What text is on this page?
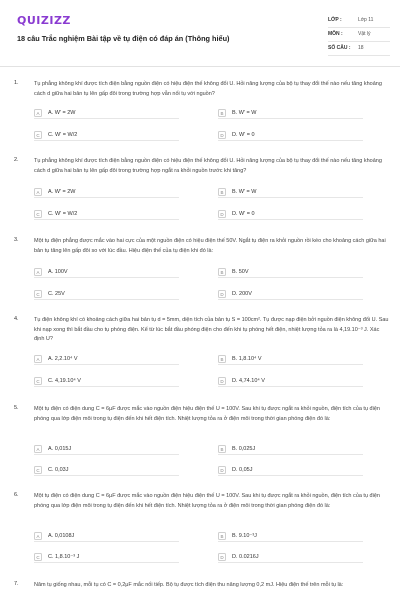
QUIZIZZ
18 câu Trắc nghiệm Bài tập về tụ điện có đáp án (Thông hiểu)
LỚP :	Lớp 11
MÔN :	Vật lý
SỐ CÂU :	18
1.	Tụ phẳng không khí được tích điện bằng nguồn điện có hiệu điện thế không đổi U. Hỏi năng lượng của bộ tụ thay đổi thế nào nếu tăng khoảng cách d giữa hai bản tụ lên gấp đôi trong trường hợp vẫn nối tụ với nguồn?
A	A. W' = 2W	B	B. W' = W
C	C. W' = W/2	D	D. W' = 0
2.	Tụ phẳng không khí được tích điện bằng nguồn điện có hiệu điện thế không đổi U. Hỏi năng lượng của bộ tụ thay đổi thế nào nếu tăng khoảng cách d giữa hai bản tụ lên gấp đôi trong trường hợp ngắt ra khỏi nguồn trước khi tăng?
A	A. W' = 2W	B	B. W' = W
C	C. W' = W/2	D	D. W' = 0
3.	Một tụ điện phẳng được mắc vào hai cực của một nguồn điện có hiệu điện thế 50V. Ngắt tụ điện ra khỏi nguồn rồi kéo cho khoảng cách giữa hai bản tụ tăng lên gấp đôi so với lúc đầu. Hiệu điện thế của tụ điện khi đó là:
A	A. 100V	B	B. 50V
C	C. 25V	D	D. 200V
4.	Tụ điện không khí có khoảng cách giữa hai bản tụ d = 5mm, diện tích của bản tụ S = 100cm². Tụ được nạp điện bởi nguồn điện không đổi U. Sau khi nạp xong thì bắt đầu cho tụ phóng điện. Kể từ lúc bắt đầu phóng điện cho đến khi tụ phóng hết điện, nhiệt lượng tỏa ra là 4,19.10⁻³ J. Xác định U?
A	A. 2,2.10⁴ V	B	B. 1,8.10⁴ V
C	C. 4,19.10⁴ V	D	D. 4,74.10⁴ V
5.	Một tụ điện có điện dung C = 6μF được mắc vào nguồn điện hiệu điện thế U = 100V. Sau khi tụ được ngắt ra khỏi nguồn, điện tích của tụ điện phóng qua lớp điện môi trong tụ điện đến khi hết điện tích. Nhiệt lượng tỏa ra ở điện môi trong thời gian phóng điện đó là:
A	A. 0,015J	B	B. 0,025J
C	C. 0,03J	D	D. 0,05J
6.	Một tụ điện có điện dung C = 6μF được mắc vào nguồn điện hiệu điện thế U = 100V. Sau khi tụ được ngắt ra khỏi nguồn, điện tích của tụ điện phóng qua lớp điện môi trong tụ điện đến khi hết điện tích. Nhiệt lượng tỏa ra ở điện môi trong thời gian phóng điện đó là:
A	A. 0,0108J	B	B. 9.10⁻³J
C	C. 1,8.10⁻³ J	D	D. 0.0216J
7.	Năm tụ giống nhau, mỗi tụ có C = 0,2μF mắc nối tiếp. Bộ tụ được tích điện thu năng lượng 0,2 mJ. Hiệu điện thế trên mỗi tụ là:
